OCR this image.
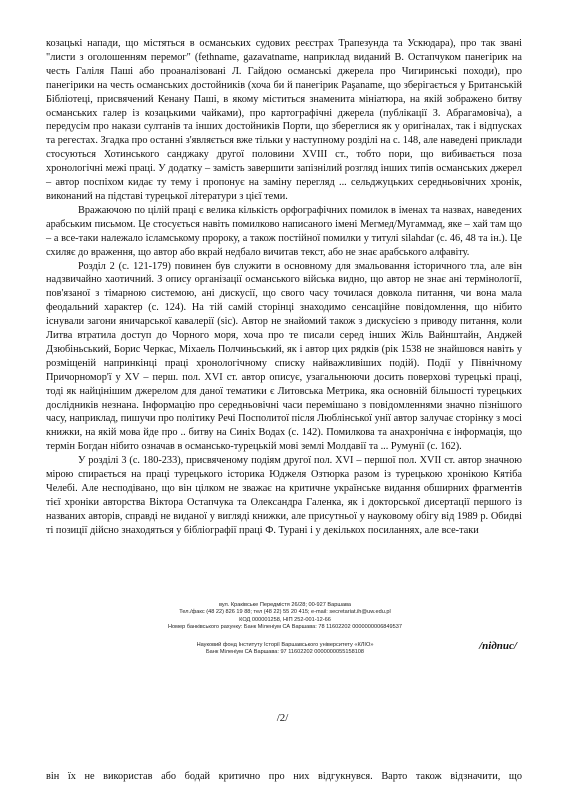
козацькі напади, що містяться в османських судових реєстрах Трапезунда та Ускюдара), про так звані "листи з оголошенням перемог" (fethname, gazavatname, наприклад виданий В. Остапчуком панегірик на честь Галіля Паші або проаналізовані Л. Гайдою османські джерела про Чигиринські походи), про панегірики на честь османських достойників (хоча би й панегірик Paşaname, що зберігається у Британській Бібліотеці, присвячений Кенану Паші, в якому міститься знаменита мініатюра, на якій зображено битву османських галер із козацькими чайками), про картографічні джерела (публікації З. Абрагамовіча), а передусім про накази султанів та інших достойників Порти, що збереглися як у оригіналах, так і відпусках та регестах. Згадка про останні з'являється вже тільки у наступному розділі на с. 148, але наведені приклади стосуються Хотинського санджаку другої половини XVIII ст., тобто пори, що вибивається поза хронологічні межі праці. У додатку – замість завершити запізнілий розгляд інших типів османських джерел – автор поспіхом кидає ту тему і пропонує на заміну перегляд ... сельджуцьких середньовічних хронік, виконаний на підставі турецької літератури з цієї теми.

Вражаючою по цілій праці є велика кількість орфографічних помилок в іменах та назвах, наведених арабським письмом. Це стосується навіть помилково написаного імені Мегмед/Мугаммад, яке – хай там що – а все-таки належало ісламському пророку, а також постійної помилки у титулі silahdar (с. 46, 48 та ін.). Це схиляє до враження, що автор або вкрай недбало вичитав текст, або не знає арабського алфавіту.

Розділ 2 (с. 121-179) повинен був служити в основному для змальовання історичного тла, але він надзвичайно хаотичний. З опису організації османського війська видно, що автор не знає ані термінології, пов'язаної з тімарною системою, ані дискусії, що свого часу точилася довкола питання, чи вона мала феодальний характер (с. 124). На тій самій сторінці знаходимо сенсаційне повідомлення, що нібито існували загони яничарської кавалерії (sic). Автор не знайомий також з дискусією з приводу питання, коли Литва втратила доступ до Чорного моря, хоча про те писали серед інших Жіль Вайнштайн, Анджей Дзюбіньський, Борис Черкас, Міхаель Полчиньський, як і автор цих рядків (рік 1538 не знайшовся навіть у розміщеній напринкінці праці хронологічному списку найважливіших подій). Події у Північному Причорномор'ї у XV – перш. пол. XVI ст. автор описує, узагальнюючи досить поверхові турецькі праці, тоді як найцінішим джерелом для даної тематики є Литовська Метрика, яка основній більшості турецьких дослідників незнана. Інформацію про середньовічні часи перемішано з повідомленнями значно пізнішого часу, наприклад, пишучи про політику Речі Посполитої після Люблінської унії автор залучає сторінку з мосі книжки, на якій мова йде про .. битву на Синіх Водах (с. 142). Помилкова та анахронічна є інформація, що термін Богдан нібито означав в османсько-турецькій мові землі Молдавії та ... Румунії (с. 162).

У розділі 3 (с. 180-233), присвяченому подіям другої пол. XVI – першої пол. XVII ст. автор значною мірою спирається на праці турецького історика Юджеля Озтюрка разом із турецькою хронікою Кятіба Челебі. Але несподівано, що він цілком не зважає на критичне українське видання обширних фрагментів тієї хроніки авторства Віктора Остапчука та Олександра Галенка, як і докторської дисертації першого із названих авторів, справді не виданої у вигляді книжки, але присутньої у науковому обігу від 1989 р. Обидві ті позиції дійсно знаходяться у бібліографії праці Ф. Турані і у декількох посиланнях, але все-таки

вул. Краківське Передмістя 26/28; 00-927 Варшава
Тел./факс (48 22) 826 19 88; тел (48 22) 55 20 415; e-mail: secretariat.ih@uw.edu.pl
КОД 000001258, НІП 252-001-12-66
Номер банківського рахунку: Банк Міленіум СА Варшава: 78 11602202 0000000006849537
Науковий фонд Інституту Історії Варшавського університету «КЛІО»
Банк Міленіум СА Варшава: 97 11602202 0000000055158108
/підпис/
/2/
він їх не використав або бодай критично про них відгукнувся. Варто також відзначити, що
